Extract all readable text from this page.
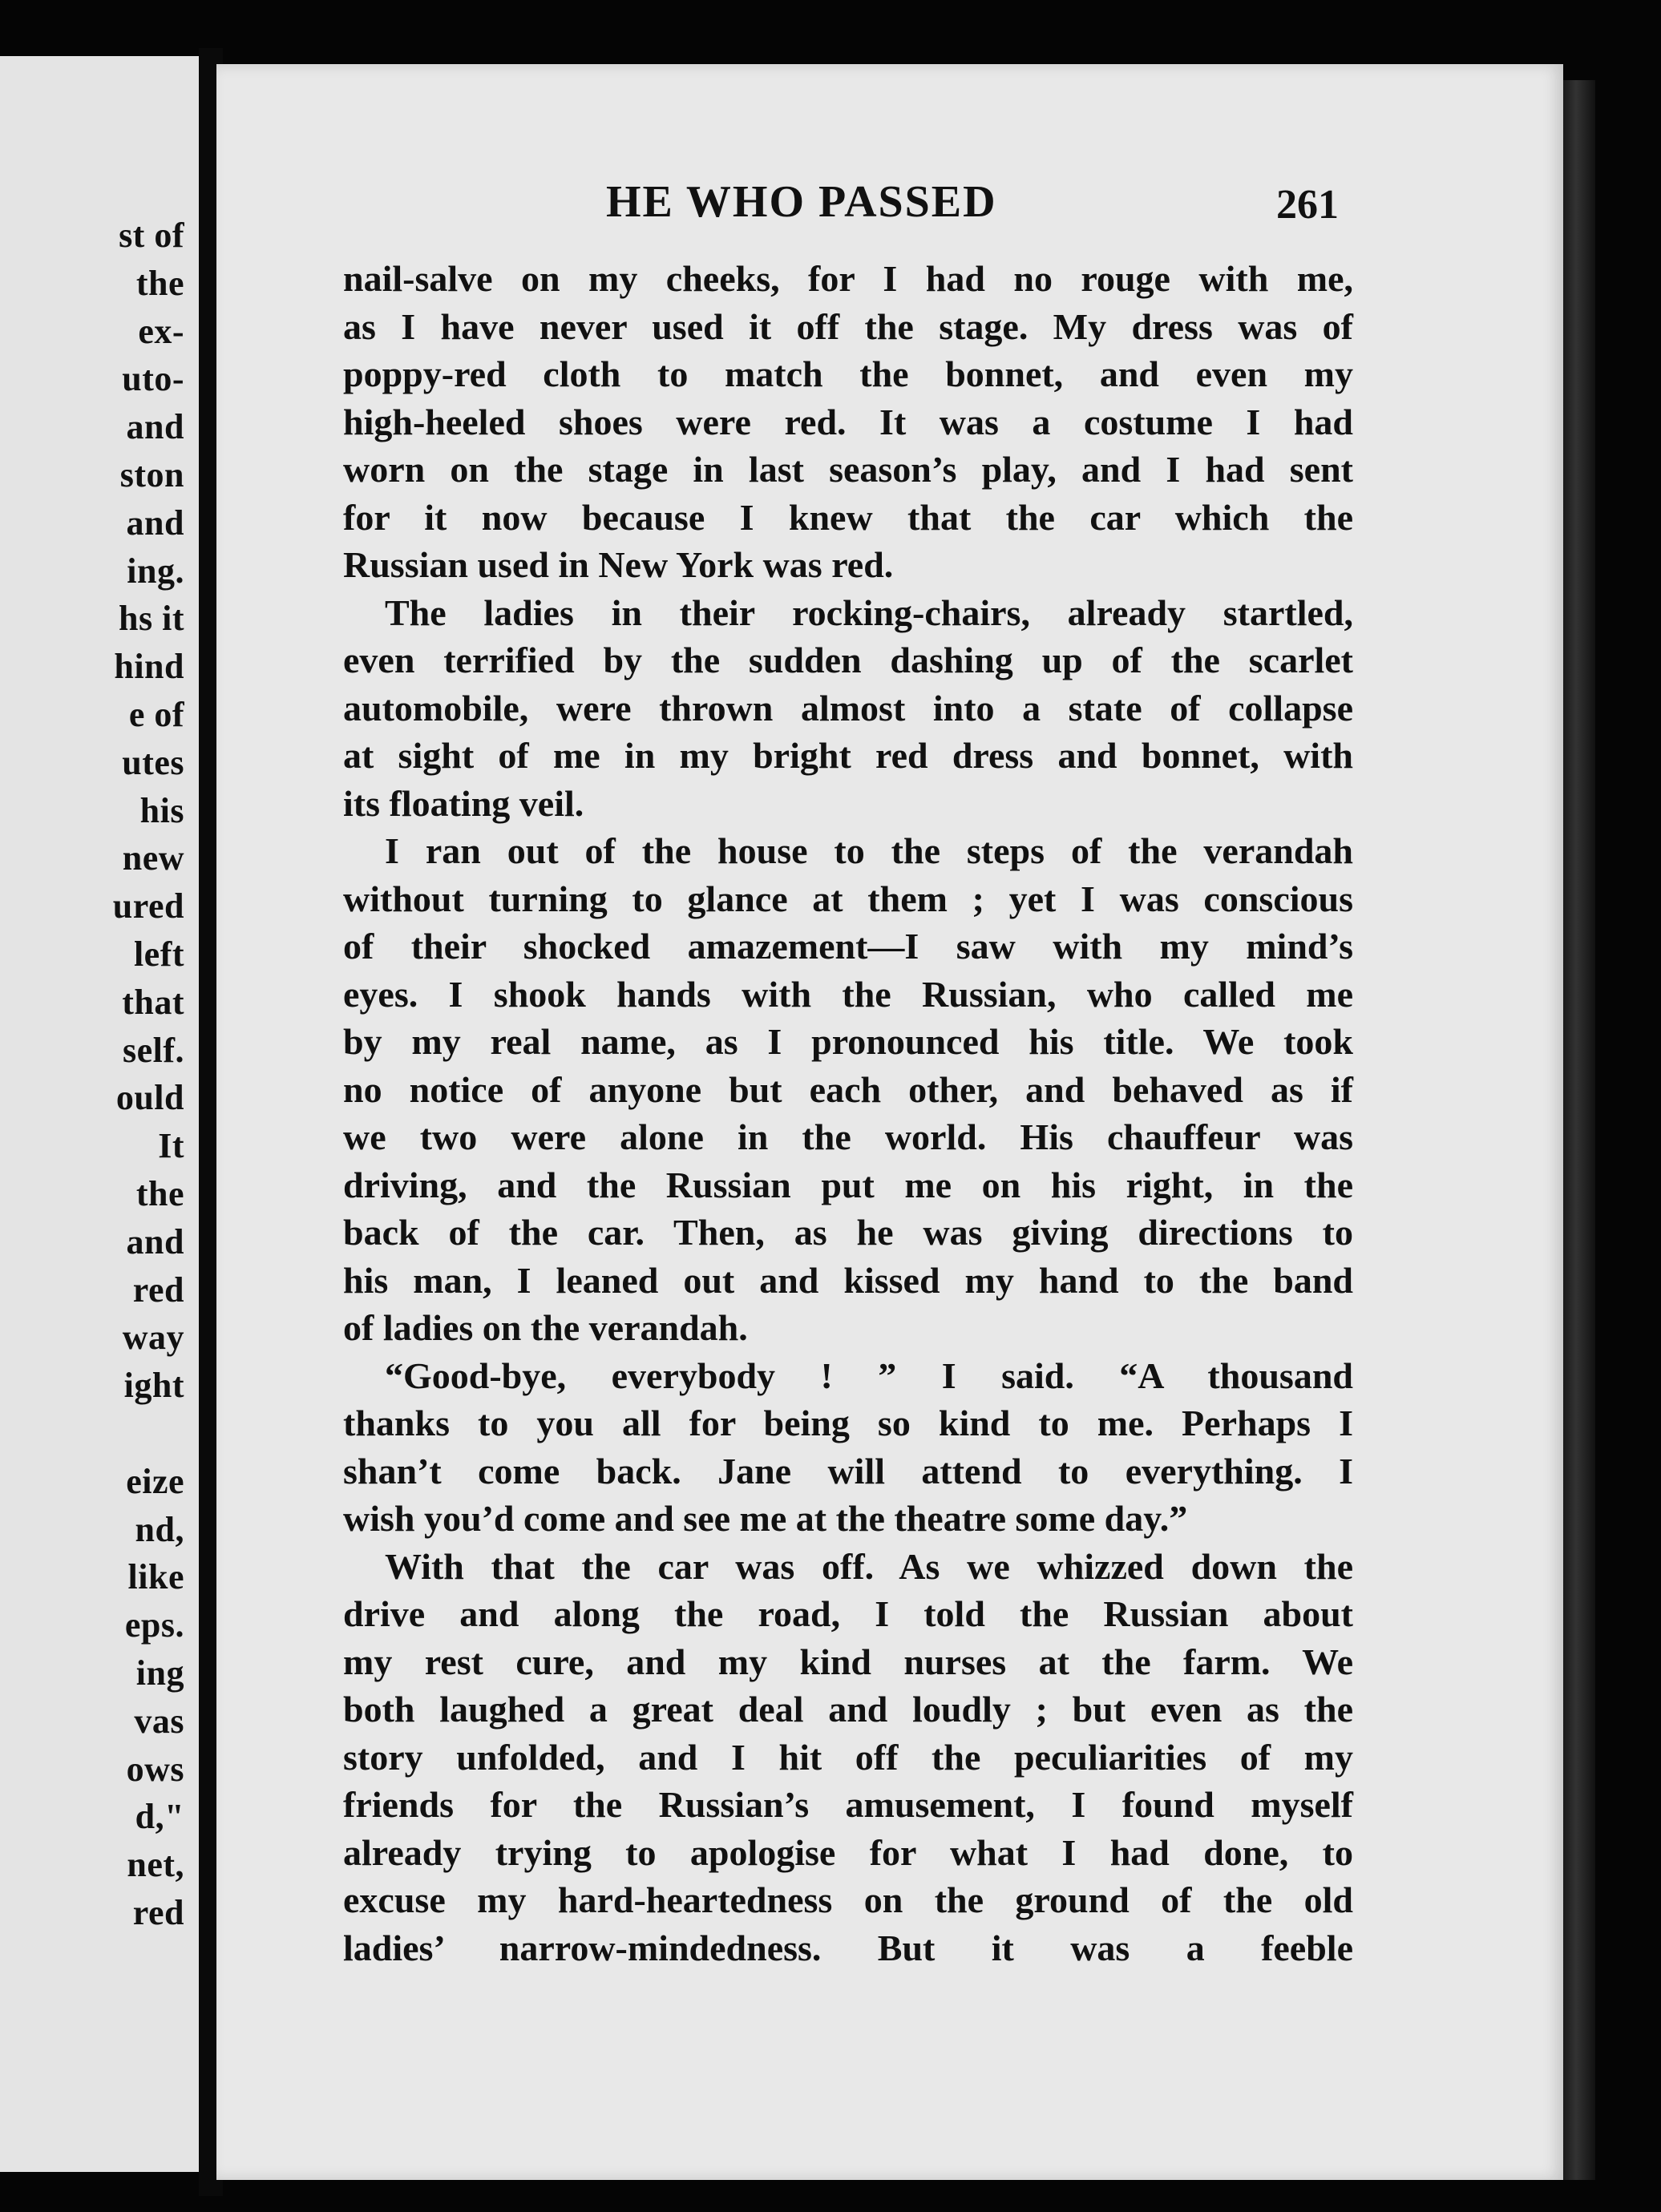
st of
the
ex-
uto-
and
ston
and
ing.
hs it
hind
e of
utes
his
new
ured
left
that
self.
ould
It
the
and
red
way
ight
eize
nd,
like
eps.
ing
vas
ows
d,"
net,
red
HE WHO PASSED	261
nail-salve on my cheeks, for I had no rouge with me,
as I have never used it off the stage. My dress was of
poppy-red cloth to match the bonnet, and even my
high-heeled shoes were red. It was a costume I had
worn on the stage in last season’s play, and I had sent
for it now because I knew that the car which the
Russian used in New York was red.
The ladies in their rocking-chairs, already startled,
even terrified by the sudden dashing up of the scarlet
automobile, were thrown almost into a state of collapse
at sight of me in my bright red dress and bonnet, with
its floating veil.
I ran out of the house to the steps of the verandah
without turning to glance at them ; yet I was conscious
of their shocked amazement—I saw with my mind’s
eyes. I shook hands with the Russian, who called me
by my real name, as I pronounced his title. We took
no notice of anyone but each other, and behaved as if
we two were alone in the world. His chauffeur was
driving, and the Russian put me on his right, in the
back of the car. Then, as he was giving directions to
his man, I leaned out and kissed my hand to the band
of ladies on the verandah.
“Good-bye, everybody ! ” I said. “A thousand
thanks to you all for being so kind to me. Perhaps I
shan’t come back. Jane will attend to everything. I
wish you’d come and see me at the theatre some day.”
With that the car was off. As we whizzed down the
drive and along the road, I told the Russian about
my rest cure, and my kind nurses at the farm. We
both laughed a great deal and loudly ; but even as the
story unfolded, and I hit off the peculiarities of my
friends for the Russian’s amusement, I found myself
already trying to apologise for what I had done, to
excuse my hard-heartedness on the ground of the old
ladies’ narrow-mindedness. But it was a feeble
